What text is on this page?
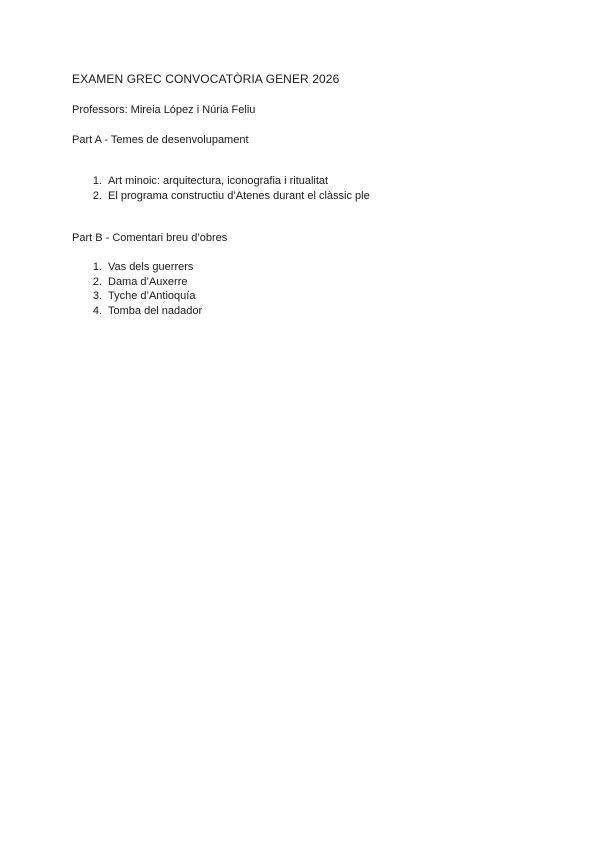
EXAMEN GREC CONVOCATÒRIA GENER 2026
Professors: Mireia López i Núria Feliu
Part A - Temes de desenvolupament
1. Art minoic: arquitectura, iconografia i ritualitat
2. El programa constructiu d’Atenes durant el clàssic ple
Part B - Comentari breu d’obres
1. Vas dels guerrers
2. Dama d’Auxerre
3. Tyche d’Antioquía
4. Tomba del nadador
